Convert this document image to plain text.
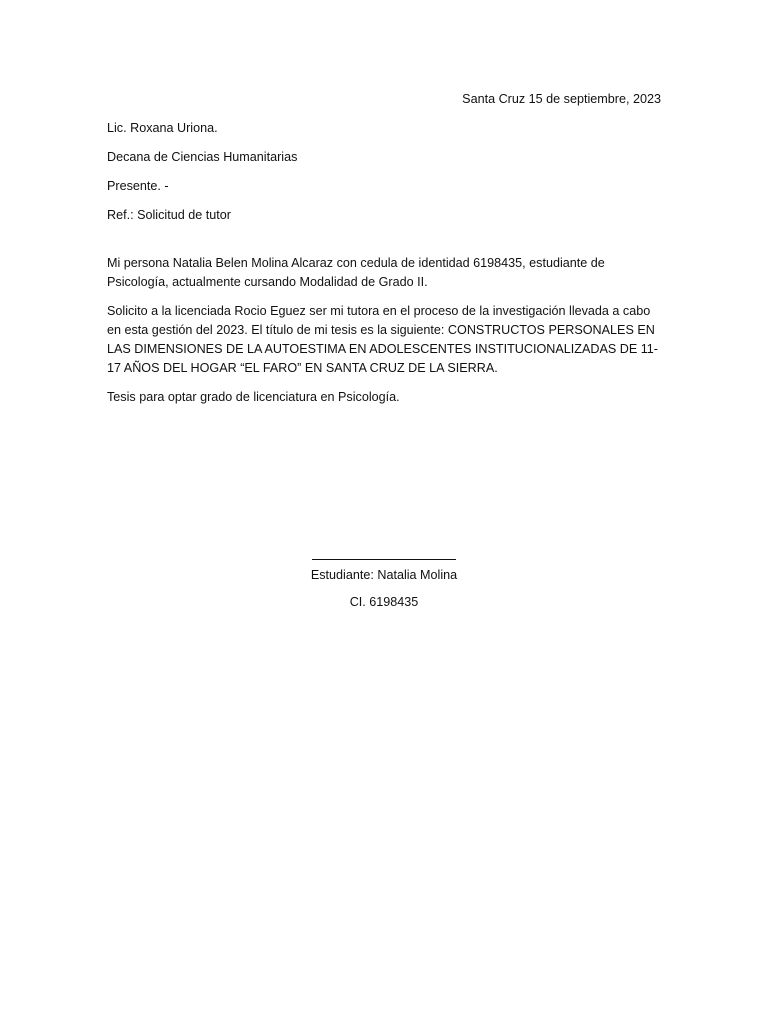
Santa Cruz 15 de septiembre, 2023

Lic. Roxana Uriona.

Decana de Ciencias Humanitarias

Presente. -

Ref.: Solicitud de tutor

Mi persona Natalia Belen Molina Alcaraz con cedula de identidad 6198435, estudiante de Psicología, actualmente cursando Modalidad de Grado II.

Solicito a la licenciada Rocio Eguez ser mi tutora en el proceso de la investigación llevada a cabo en esta gestión del 2023. El título de mi tesis es la siguiente: CONSTRUCTOS PERSONALES EN LAS DIMENSIONES DE LA AUTOESTIMA EN ADOLESCENTES INSTITUCIONALIZADAS DE 11-17 AÑOS DEL HOGAR “EL FARO” EN SANTA CRUZ DE LA SIERRA.

Tesis para optar grado de licenciatura en Psicología.

Estudiante: Natalia Molina

CI. 6198435
